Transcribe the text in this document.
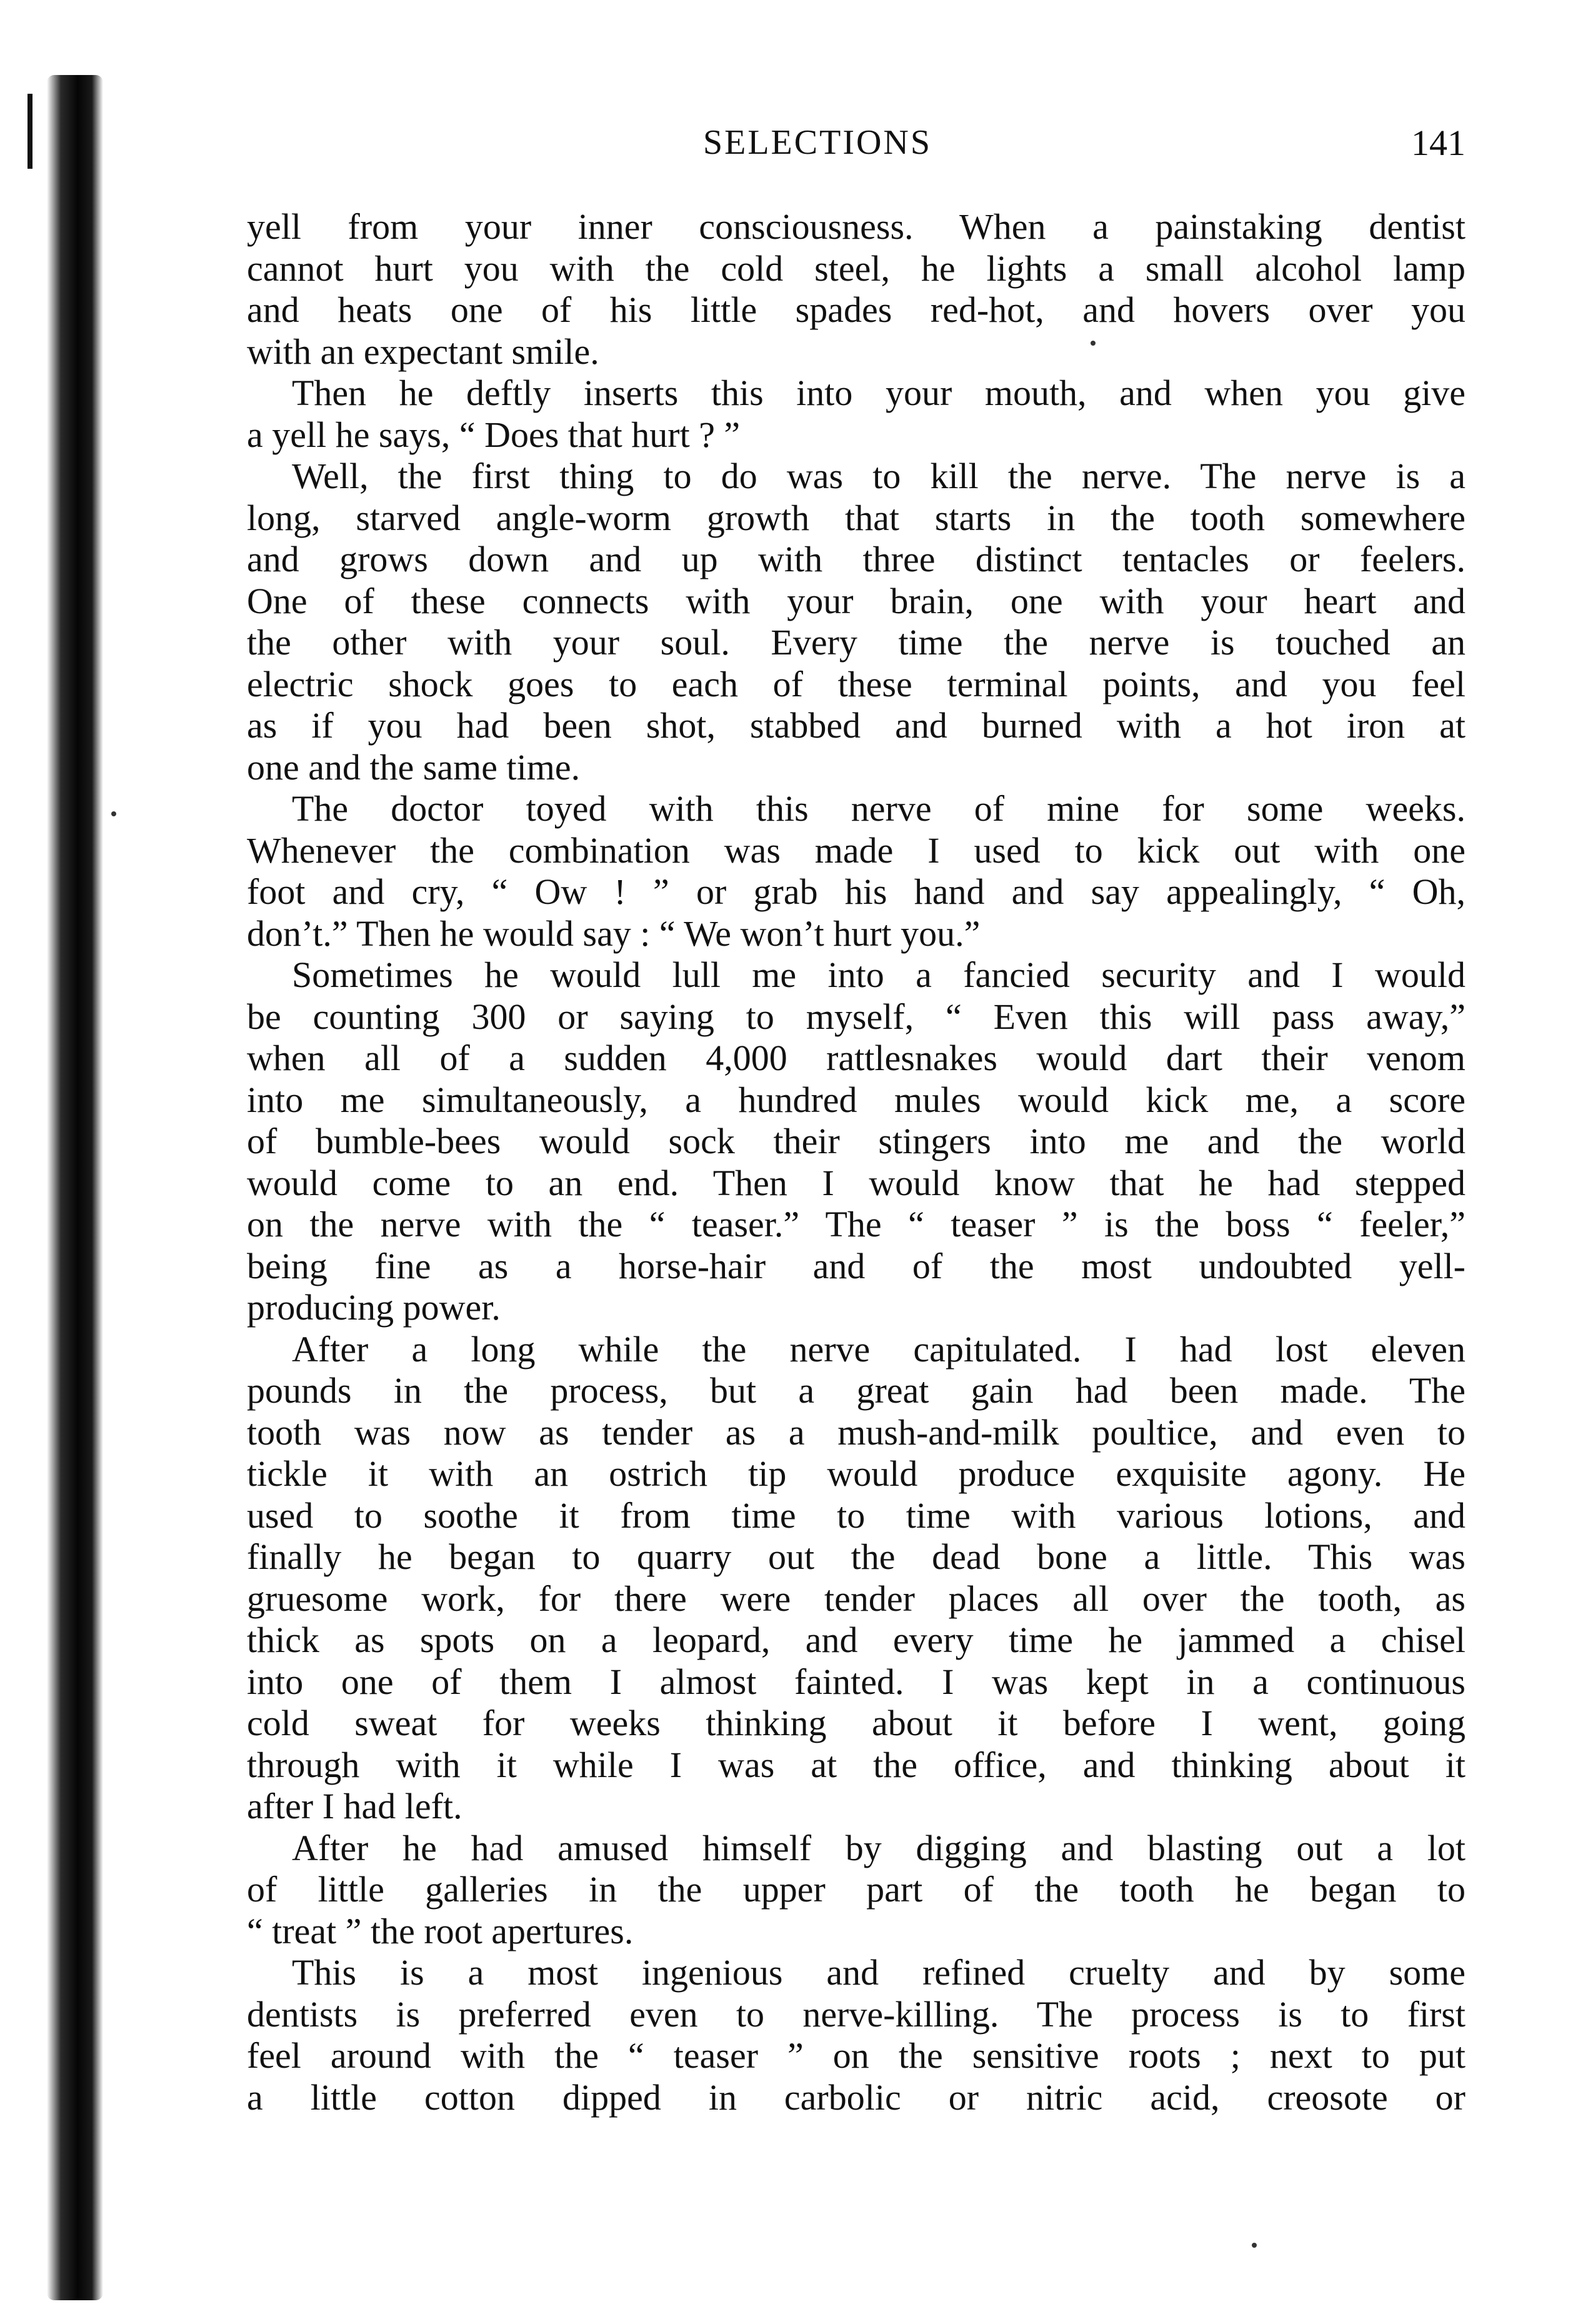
SELECTIONS	141
yell from your inner consciousness. When a painstaking dentist
cannot hurt you with the cold steel, he lights a small alcohol lamp
and heats one of his little spades red-hot, and hovers over you
with an expectant smile.
Then he deftly inserts this into your mouth, and when you give
a yell he says, “ Does that hurt ? ”
Well, the first thing to do was to kill the nerve. The nerve is a
long, starved angle-worm growth that starts in the tooth somewhere
and grows down and up with three distinct tentacles or feelers.
One of these connects with your brain, one with your heart and
the other with your soul. Every time the nerve is touched an
electric shock goes to each of these terminal points, and you feel
as if you had been shot, stabbed and burned with a hot iron at
one and the same time.
The doctor toyed with this nerve of mine for some weeks.
Whenever the combination was made I used to kick out with one
foot and cry, “ Ow ! ” or grab his hand and say appealingly, “ Oh,
don’t.” Then he would say : “ We won’t hurt you.”
Sometimes he would lull me into a fancied security and I would
be counting 300 or saying to myself, “ Even this will pass away,”
when all of a sudden 4,000 rattlesnakes would dart their venom
into me simultaneously, a hundred mules would kick me, a score
of bumble-bees would sock their stingers into me and the world
would come to an end. Then I would know that he had stepped
on the nerve with the “ teaser.” The “ teaser ” is the boss “ feeler,”
being fine as a horse-hair and of the most undoubted yell-
producing power.
After a long while the nerve capitulated. I had lost eleven
pounds in the process, but a great gain had been made. The
tooth was now as tender as a mush-and-milk poultice, and even to
tickle it with an ostrich tip would produce exquisite agony. He
used to soothe it from time to time with various lotions, and
finally he began to quarry out the dead bone a little. This was
gruesome work, for there were tender places all over the tooth, as
thick as spots on a leopard, and every time he jammed a chisel
into one of them I almost fainted. I was kept in a continuous
cold sweat for weeks thinking about it before I went, going
through with it while I was at the office, and thinking about it
after I had left.
After he had amused himself by digging and blasting out a lot
of little galleries in the upper part of the tooth he began to
“ treat ” the root apertures.
This is a most ingenious and refined cruelty and by some
dentists is preferred even to nerve-killing. The process is to first
feel around with the “ teaser ” on the sensitive roots ; next to put
a little cotton dipped in carbolic or nitric acid, creosote or
